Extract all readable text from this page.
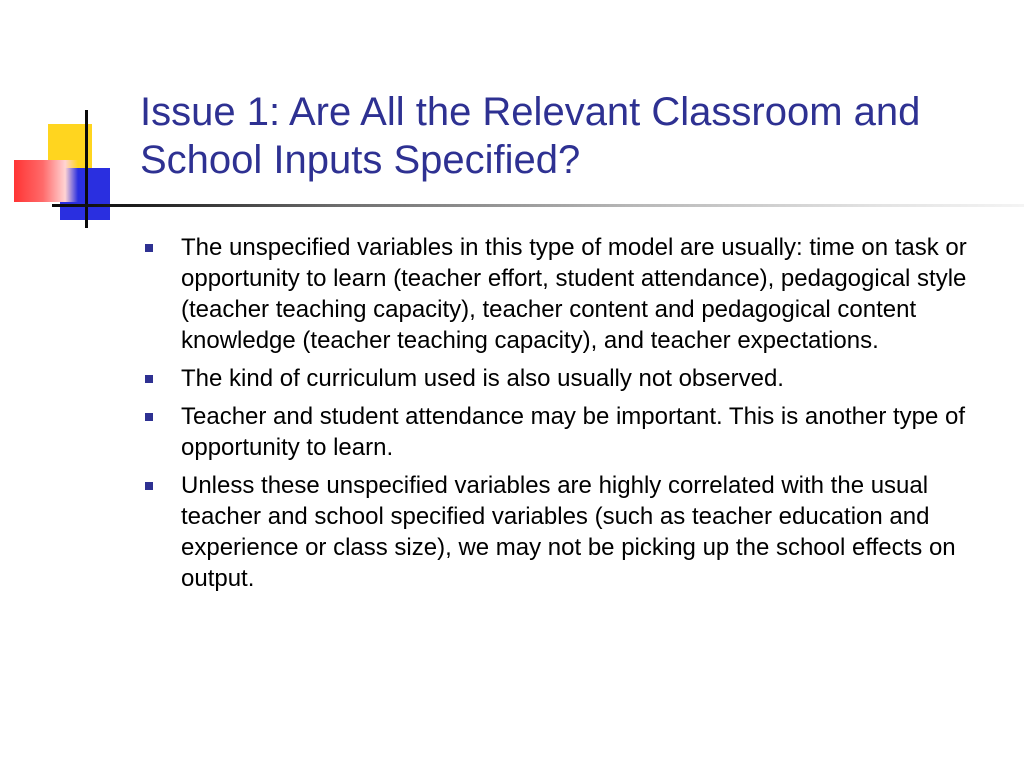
Issue 1: Are All the Relevant Classroom and School Inputs Specified?
The unspecified variables in this type of model are usually: time on task or opportunity to learn (teacher effort, student attendance), pedagogical style (teacher teaching capacity), teacher content and pedagogical content knowledge (teacher teaching capacity), and teacher expectations.
The kind of curriculum used is also usually not observed.
Teacher and student attendance may be important. This is another type of opportunity to learn.
Unless these unspecified variables are highly correlated with the usual teacher and school specified variables (such as teacher education and experience or class size), we may not be picking up the school effects on output.
